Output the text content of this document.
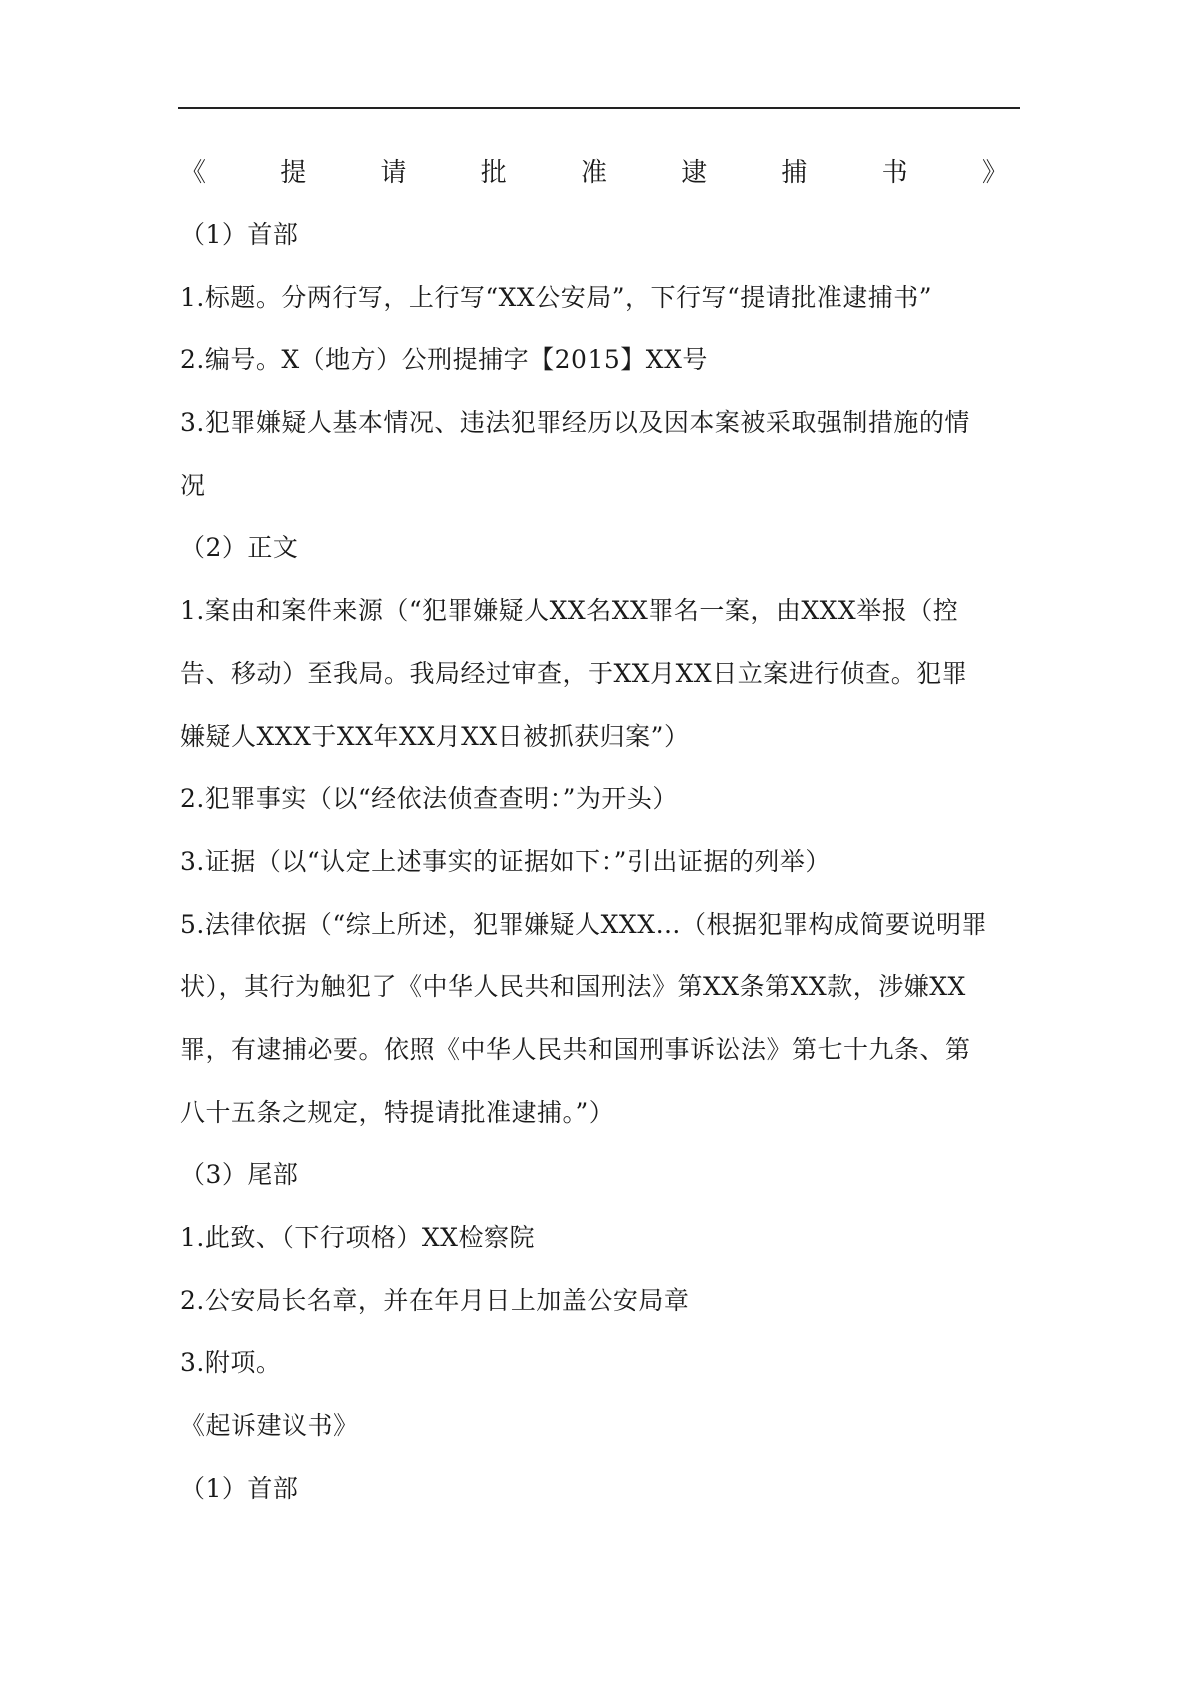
《	提	请	批	准	逮	捕	书	》
（1）首部
1.标题。分两行写，上行写“XX公安局”，下行写“提请批准逮捕书”
2.编号。X（地方）公刑提捕字【2015】XX号
3.犯罪嫌疑人基本情况、违法犯罪经历以及因本案被采取强制措施的情
况
（2）正文
1.案由和案件来源（“犯罪嫌疑人XX名XX罪名一案，由XXX举报（控
告、移动）至我局。我局经过审查，于XX月XX日立案进行侦查。犯罪
嫌疑人XXX于XX年XX月XX日被抓获归案”）
2.犯罪事实（以“经依法侦查查明：”为开头）
3.证据（以“认定上述事实的证据如下：”引出证据的列举）
5.法律依据（“综上所述，犯罪嫌疑人XXX…（根据犯罪构成简要说明罪
状），其行为触犯了《中华人民共和国刑法》第XX条第XX款，涉嫌XX
罪，有逮捕必要。依照《中华人民共和国刑事诉讼法》第七十九条、第
八十五条之规定，特提请批准逮捕。”）
（3）尾部
1.此致、（下行项格）XX检察院
2.公安局长名章，并在年月日上加盖公安局章
3.附项。
《起诉建议书》
（1）首部
